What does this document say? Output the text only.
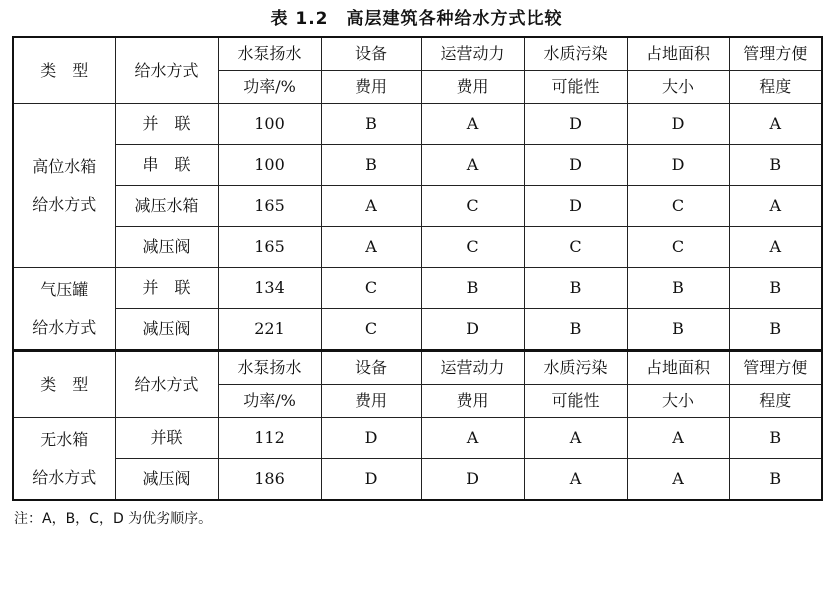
表 1.2 高层建筑各种给水方式比较
类　型	给水方式	水泵扬水	设备	运营动力	水质污染	占地面积	管理方便
		功率/%	费用	费用	可能性	大小	程度
高位水箱
给水方式	并　联	100	B	A	D	D	A
	串　联	100	B	A	D	D	B
	减压水箱	165	A	C	D	C	A
	减压阀	165	A	C	C	C	A
气压罐
给水方式	并　联	134	C	B	B	B	B
	减压阀	221	C	D	B	B	B
类　型	给水方式	水泵扬水	设备	运营动力	水质污染	占地面积	管理方便
		功率/%	费用	费用	可能性	大小	程度
无水箱
给水方式	并联	112	D	A	A	A	B
	减压阀	186	D	D	A	A	B
注：A，B，C，D 为优劣顺序。
